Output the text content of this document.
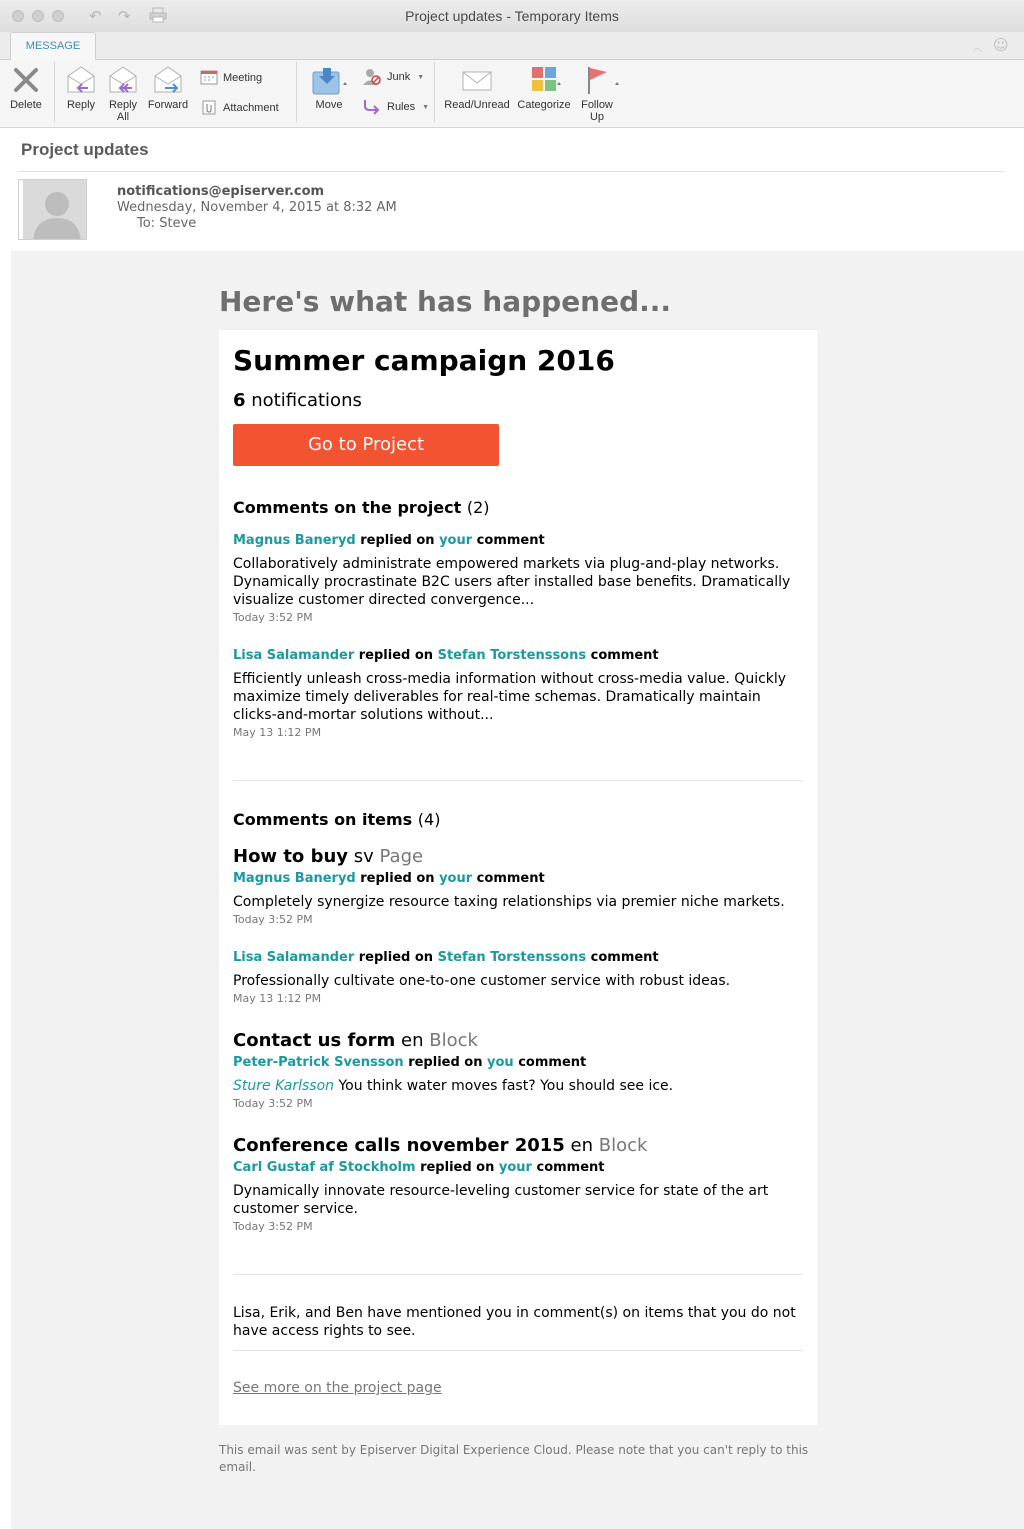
↶ ↷	Project updates - Temporary Items
MESSAGE	︿ ☺
Delete	Reply	Reply All
Forward
Meeting
Attachment	Move
Junk ▼
Rules ▼ Read/Unread Categorize Follow Up
Project updates
notifications@episerver.com
Wednesday, November 4, 2015 at 8:32 AM
To: Steve
Here's what has happened...
Summer campaign 2016
6 notifications
Go to Project
Comments on the project (2)
Magnus Baneryd replied on your comment
Collaboratively administrate empowered markets via plug-and-play networks. Dynamically procrastinate B2C users after installed base benefits. Dramatically visualize customer directed convergence...
Today 3:52 PM
Lisa Salamander replied on Stefan Torstenssons comment
Efficiently unleash cross-media information without cross-media value. Quickly maximize timely deliverables for real-time schemas. Dramatically maintain clicks-and-mortar solutions without...
May 13 1:12 PM
Comments on items (4)
How to buy sv Page
Magnus Baneryd replied on your comment
Completely synergize resource taxing relationships via premier niche markets.
Today 3:52 PM
Lisa Salamander replied on Stefan Torstenssons comment
Professionally cultivate one-to-one customer service with robust ideas.
May 13 1:12 PM
Contact us form en Block
Peter-Patrick Svensson replied on you comment
Sture Karlsson You think water moves fast? You should see ice.
Today 3:52 PM
Conference calls november 2015 en Block
Carl Gustaf af Stockholm replied on your comment
Dynamically innovate resource-leveling customer service for state of the art customer service.
Today 3:52 PM
Lisa, Erik, and Ben have mentioned you in comment(s) on items that you do not have access rights to see.
See more on the project page
This email was sent by Episerver Digital Experience Cloud. Please note that you can't reply to this email.
